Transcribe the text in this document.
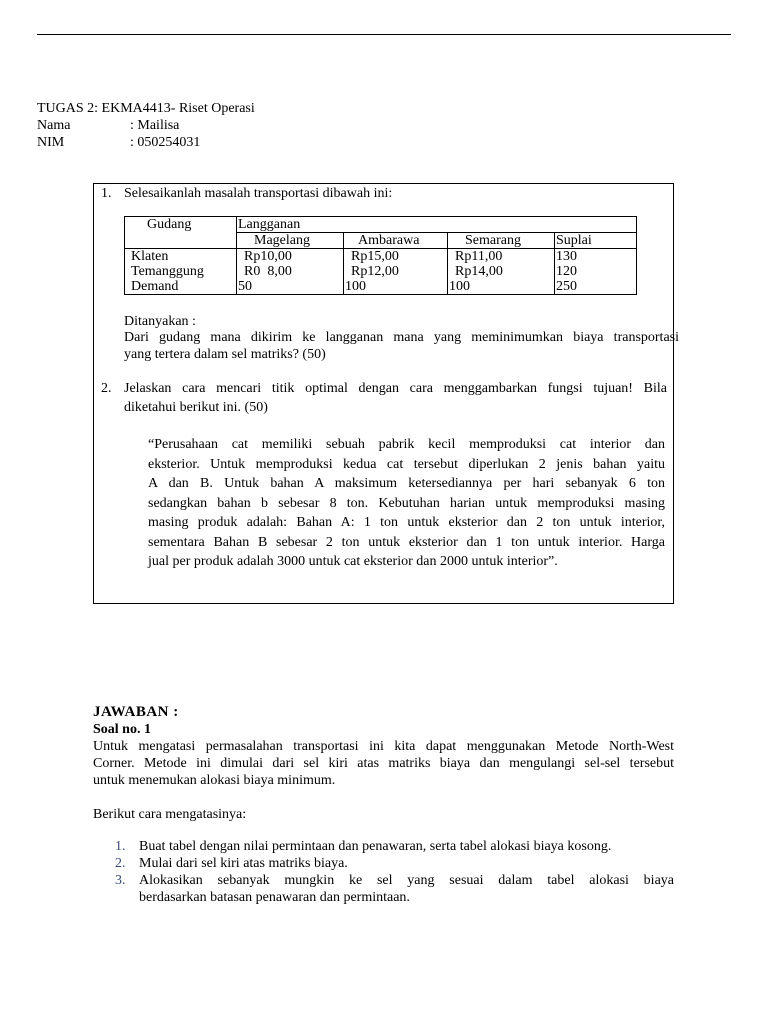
TUGAS 2: EKMA4413- Riset Operasi
Nama	: Mailisa
NIM	: 050254031
1. Selesaikanlah masalah transportasi dibawah ini:
Gudang	Langganan			
	Magelang	Ambarawa	Semarang	Suplai
Klaten	Rp10,00	Rp15,00	Rp11,00	130
Temanggung	R0  8,00	Rp12,00	Rp14,00	120
Demand	50	100	100	250
Ditanyakan :
Dari gudang mana dikirim ke langganan mana yang meminimumkan biaya transportasi
yang tertera dalam sel matriks? (50)
2. Jelaskan cara mencari titik optimal dengan cara menggambarkan fungsi tujuan! Bila
diketahui berikut ini. (50)
“Perusahaan cat memiliki sebuah pabrik kecil memproduksi cat interior dan
eksterior. Untuk memproduksi kedua cat tersebut diperlukan 2 jenis bahan yaitu
A dan B. Untuk bahan A maksimum ketersediannya per hari sebanyak 6 ton
sedangkan bahan b sebesar 8 ton. Kebutuhan harian untuk memproduksi masing
masing produk adalah: Bahan A: 1 ton untuk eksterior dan 2 ton untuk interior,
sementara Bahan B sebesar 2 ton untuk eksterior dan 1 ton untuk interior. Harga
jual per produk adalah 3000 untuk cat eksterior dan 2000 untuk interior”.

JAWABAN :

Soal no. 1

Untuk mengatasi permasalahan transportasi ini kita dapat menggunakan Metode North-West

Corner. Metode ini dimulai dari sel kiri atas matriks biaya dan mengulangi sel-sel tersebut

untuk menemukan alokasi biaya minimum.

Berikut cara mengatasinya:

1. Buat tabel dengan nilai permintaan dan penawaran, serta tabel alokasi biaya kosong.
2. Mulai dari sel kiri atas matriks biaya.
3. Alokasikan sebanyak mungkin ke sel yang sesuai dalam tabel alokasi biaya
berdasarkan batasan penawaran dan permintaan.
